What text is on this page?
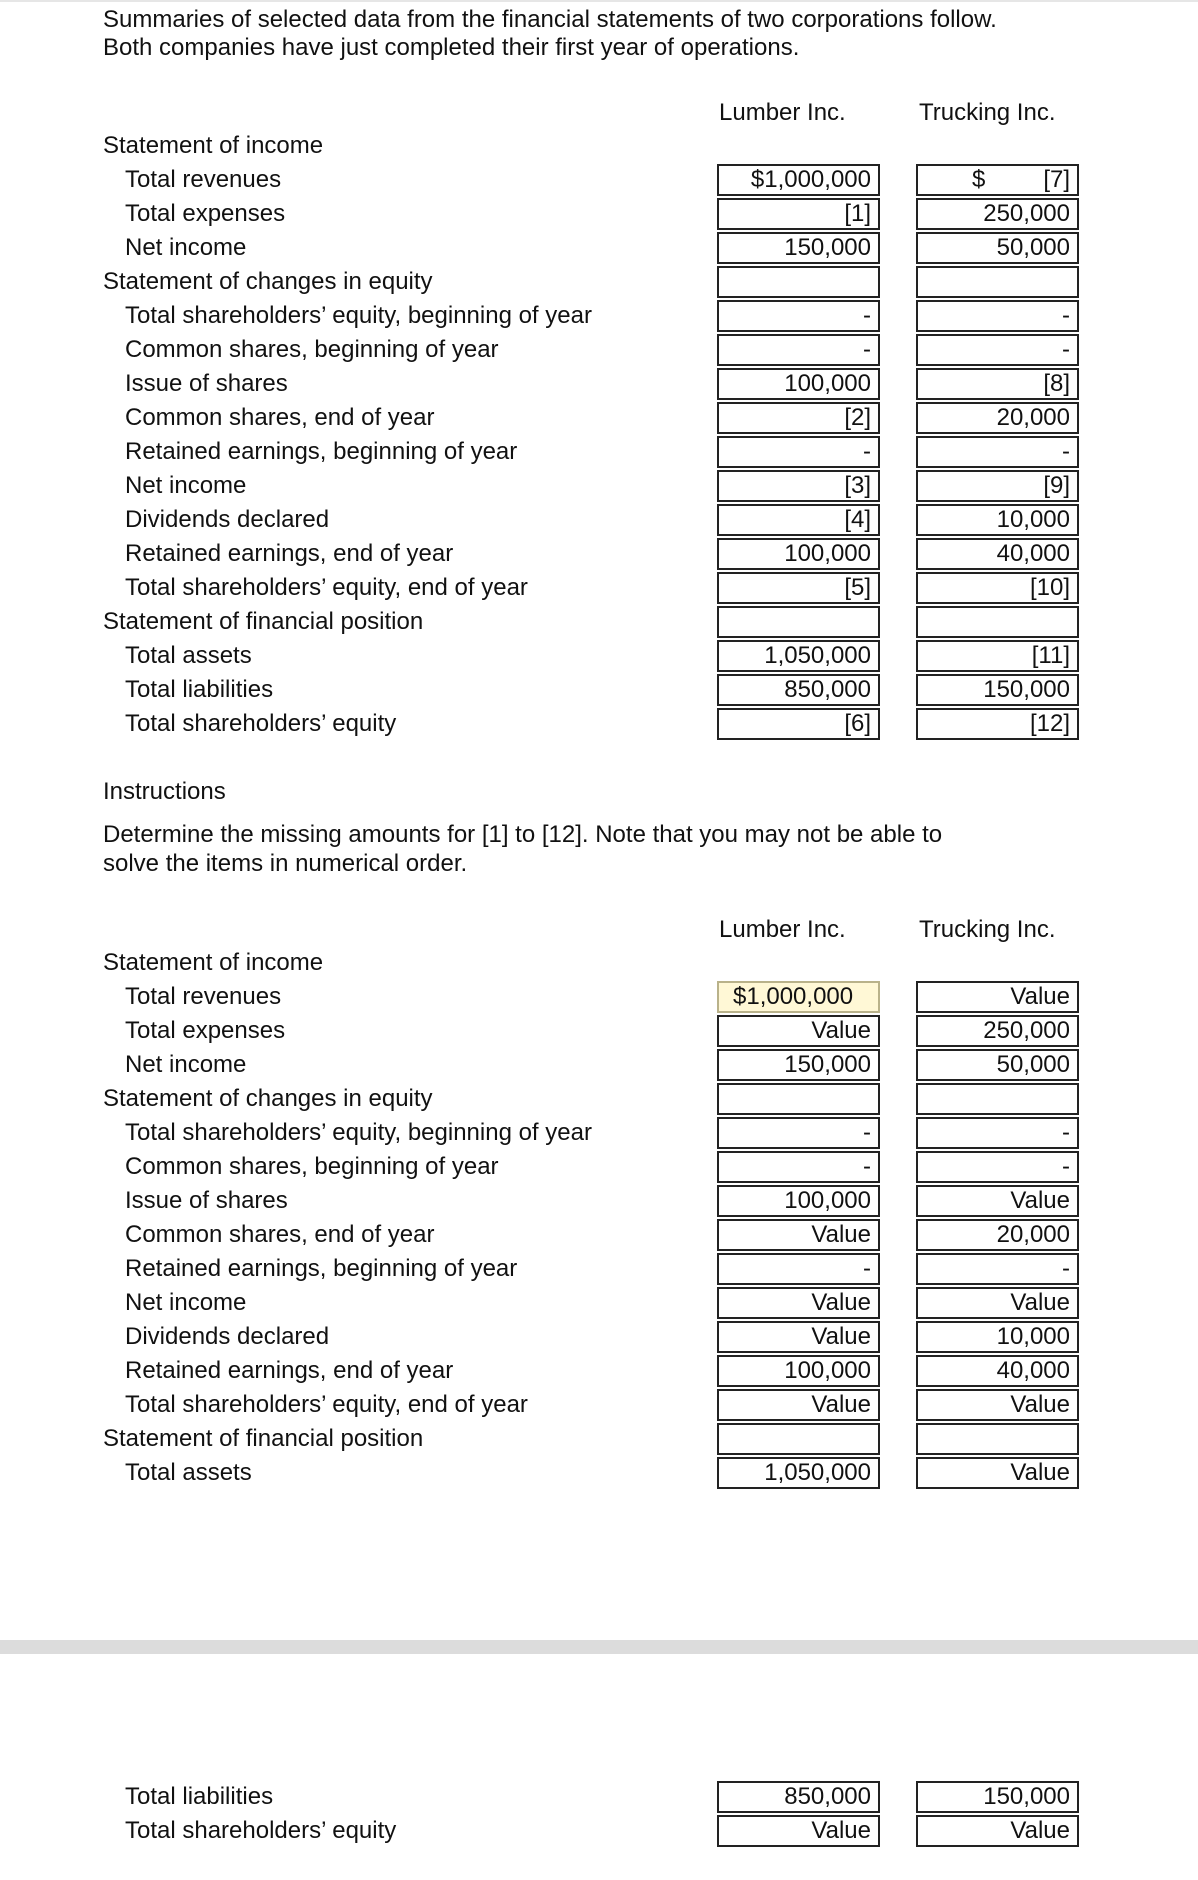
Summaries of selected data from the financial statements of two corporations follow.
Both companies have just completed their first year of operations.
Lumber Inc.	Trucking Inc.
Statement of income
Total revenues
Total expenses
Net income
Statement of changes in equity
Total shareholders’ equity, beginning of year
Common shares, beginning of year
Issue of shares
Common shares, end of year
Retained earnings, beginning of year
Net income
Dividends declared
Retained earnings, end of year
Total shareholders’ equity, end of year
Statement of financial position
Total assets
Total liabilities
Total shareholders’ equity
$1,000,000
[1]
150,000
-
-
100,000
[2]
-
[3]
[4]
100,000
[5]
1,050,000
850,000
[6]
$ [7]
250,000
50,000
-
-
[8]
20,000
-
[9]
10,000
40,000
[10]
[11]
150,000
[12]
Instructions
Determine the missing amounts for [1] to [12]. Note that you may not be able to
solve the items in numerical order.
Lumber Inc.	Trucking Inc.
Statement of income
Total revenues
Total expenses
Net income
Statement of changes in equity
Total shareholders’ equity, beginning of year
Common shares, beginning of year
Issue of shares
Common shares, end of year
Retained earnings, beginning of year
Net income
Dividends declared
Retained earnings, end of year
Total shareholders’ equity, end of year
Statement of financial position
Total assets
$1,000,000
Value
150,000
-
-
100,000
Value
-
Value
Value
100,000
Value
1,050,000
Value
250,000
50,000
-
-
Value
20,000
-
Value
10,000
40,000
Value
Value
Total liabilities
Total shareholders’ equity
850,000
Value
150,000
Value
